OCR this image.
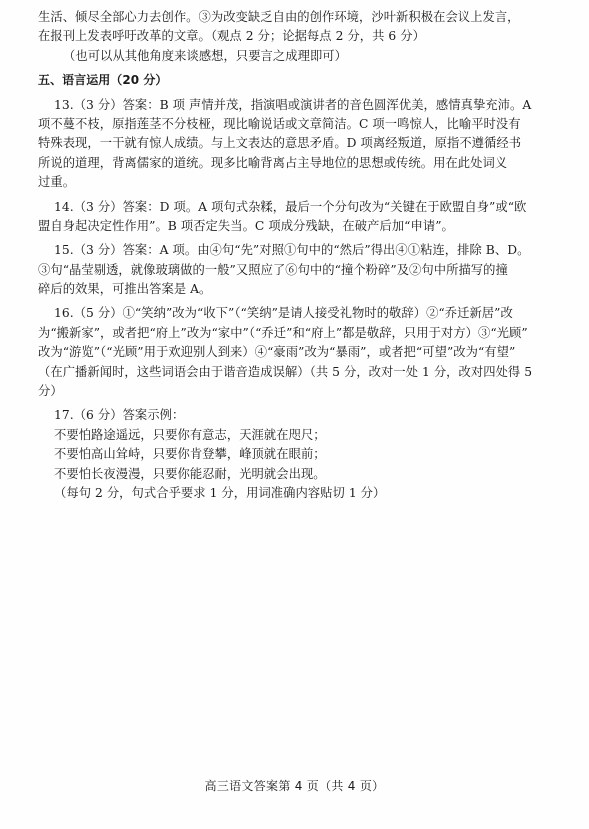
生活、倾尽全部心力去创作。③为改变缺乏自由的创作环境，沙叶新积极在会议上发言，
在报刊上发表呼吁改革的文章。（观点 2 分；论据每点 2 分，共 6 分）
（也可以从其他角度来谈感想，只要言之成理即可）
五、语言运用（20 分）
13.（3 分）答案：B 项 声情并茂，指演唱或演讲者的音色圆浑优美，感情真挚充沛。A
项不蔓不枝，原指莲茎不分枝桠，现比喻说话或文章简洁。C 项一鸣惊人，比喻平时没有
特殊表现，一干就有惊人成绩。与上文表达的意思矛盾。D 项离经叛道，原指不遵循经书
所说的道理，背离儒家的道统。现多比喻背离占主导地位的思想或传统。用在此处词义
过重。
14.（3 分）答案：D 项。A 项句式杂糅，最后一个分句改为“关键在于欧盟自身”或“欧
盟自身起决定性作用”。B 项否定失当。C 项成分残缺，在破产后加“申请”。
15.（3 分）答案：A 项。由④句“先”对照①句中的“然后”得出④①粘连，排除 B、D。
③句“晶莹剔透，就像玻璃做的一般”又照应了⑥句中的“撞个粉碎”及②句中所描写的撞
碎后的效果，可推出答案是 A。
16.（5 分）①“笑纳”改为“收下”（“笑纳”是请人接受礼物时的敬辞）②“乔迁新居”改
为“搬新家”，或者把“府上”改为“家中”（“乔迁”和“府上”都是敬辞，只用于对方）③“光顾”
改为“游览”（“光顾”用于欢迎别人到来）④“豪雨”改为“暴雨”，或者把“可望”改为“有望”
（在广播新闻时，这些词语会由于谐音造成误解）（共 5 分，改对一处 1 分，改对四处得 5
分）
17.（6 分）答案示例：
不要怕路途遥远，只要你有意志，天涯就在咫尺；
不要怕高山耸峙，只要你肯登攀，峰顶就在眼前；
不要怕长夜漫漫，只要你能忍耐，光明就会出现。
（每句 2 分，句式合乎要求 1 分，用词准确内容贴切 1 分）
高三语文答案第 4 页（共 4 页）
